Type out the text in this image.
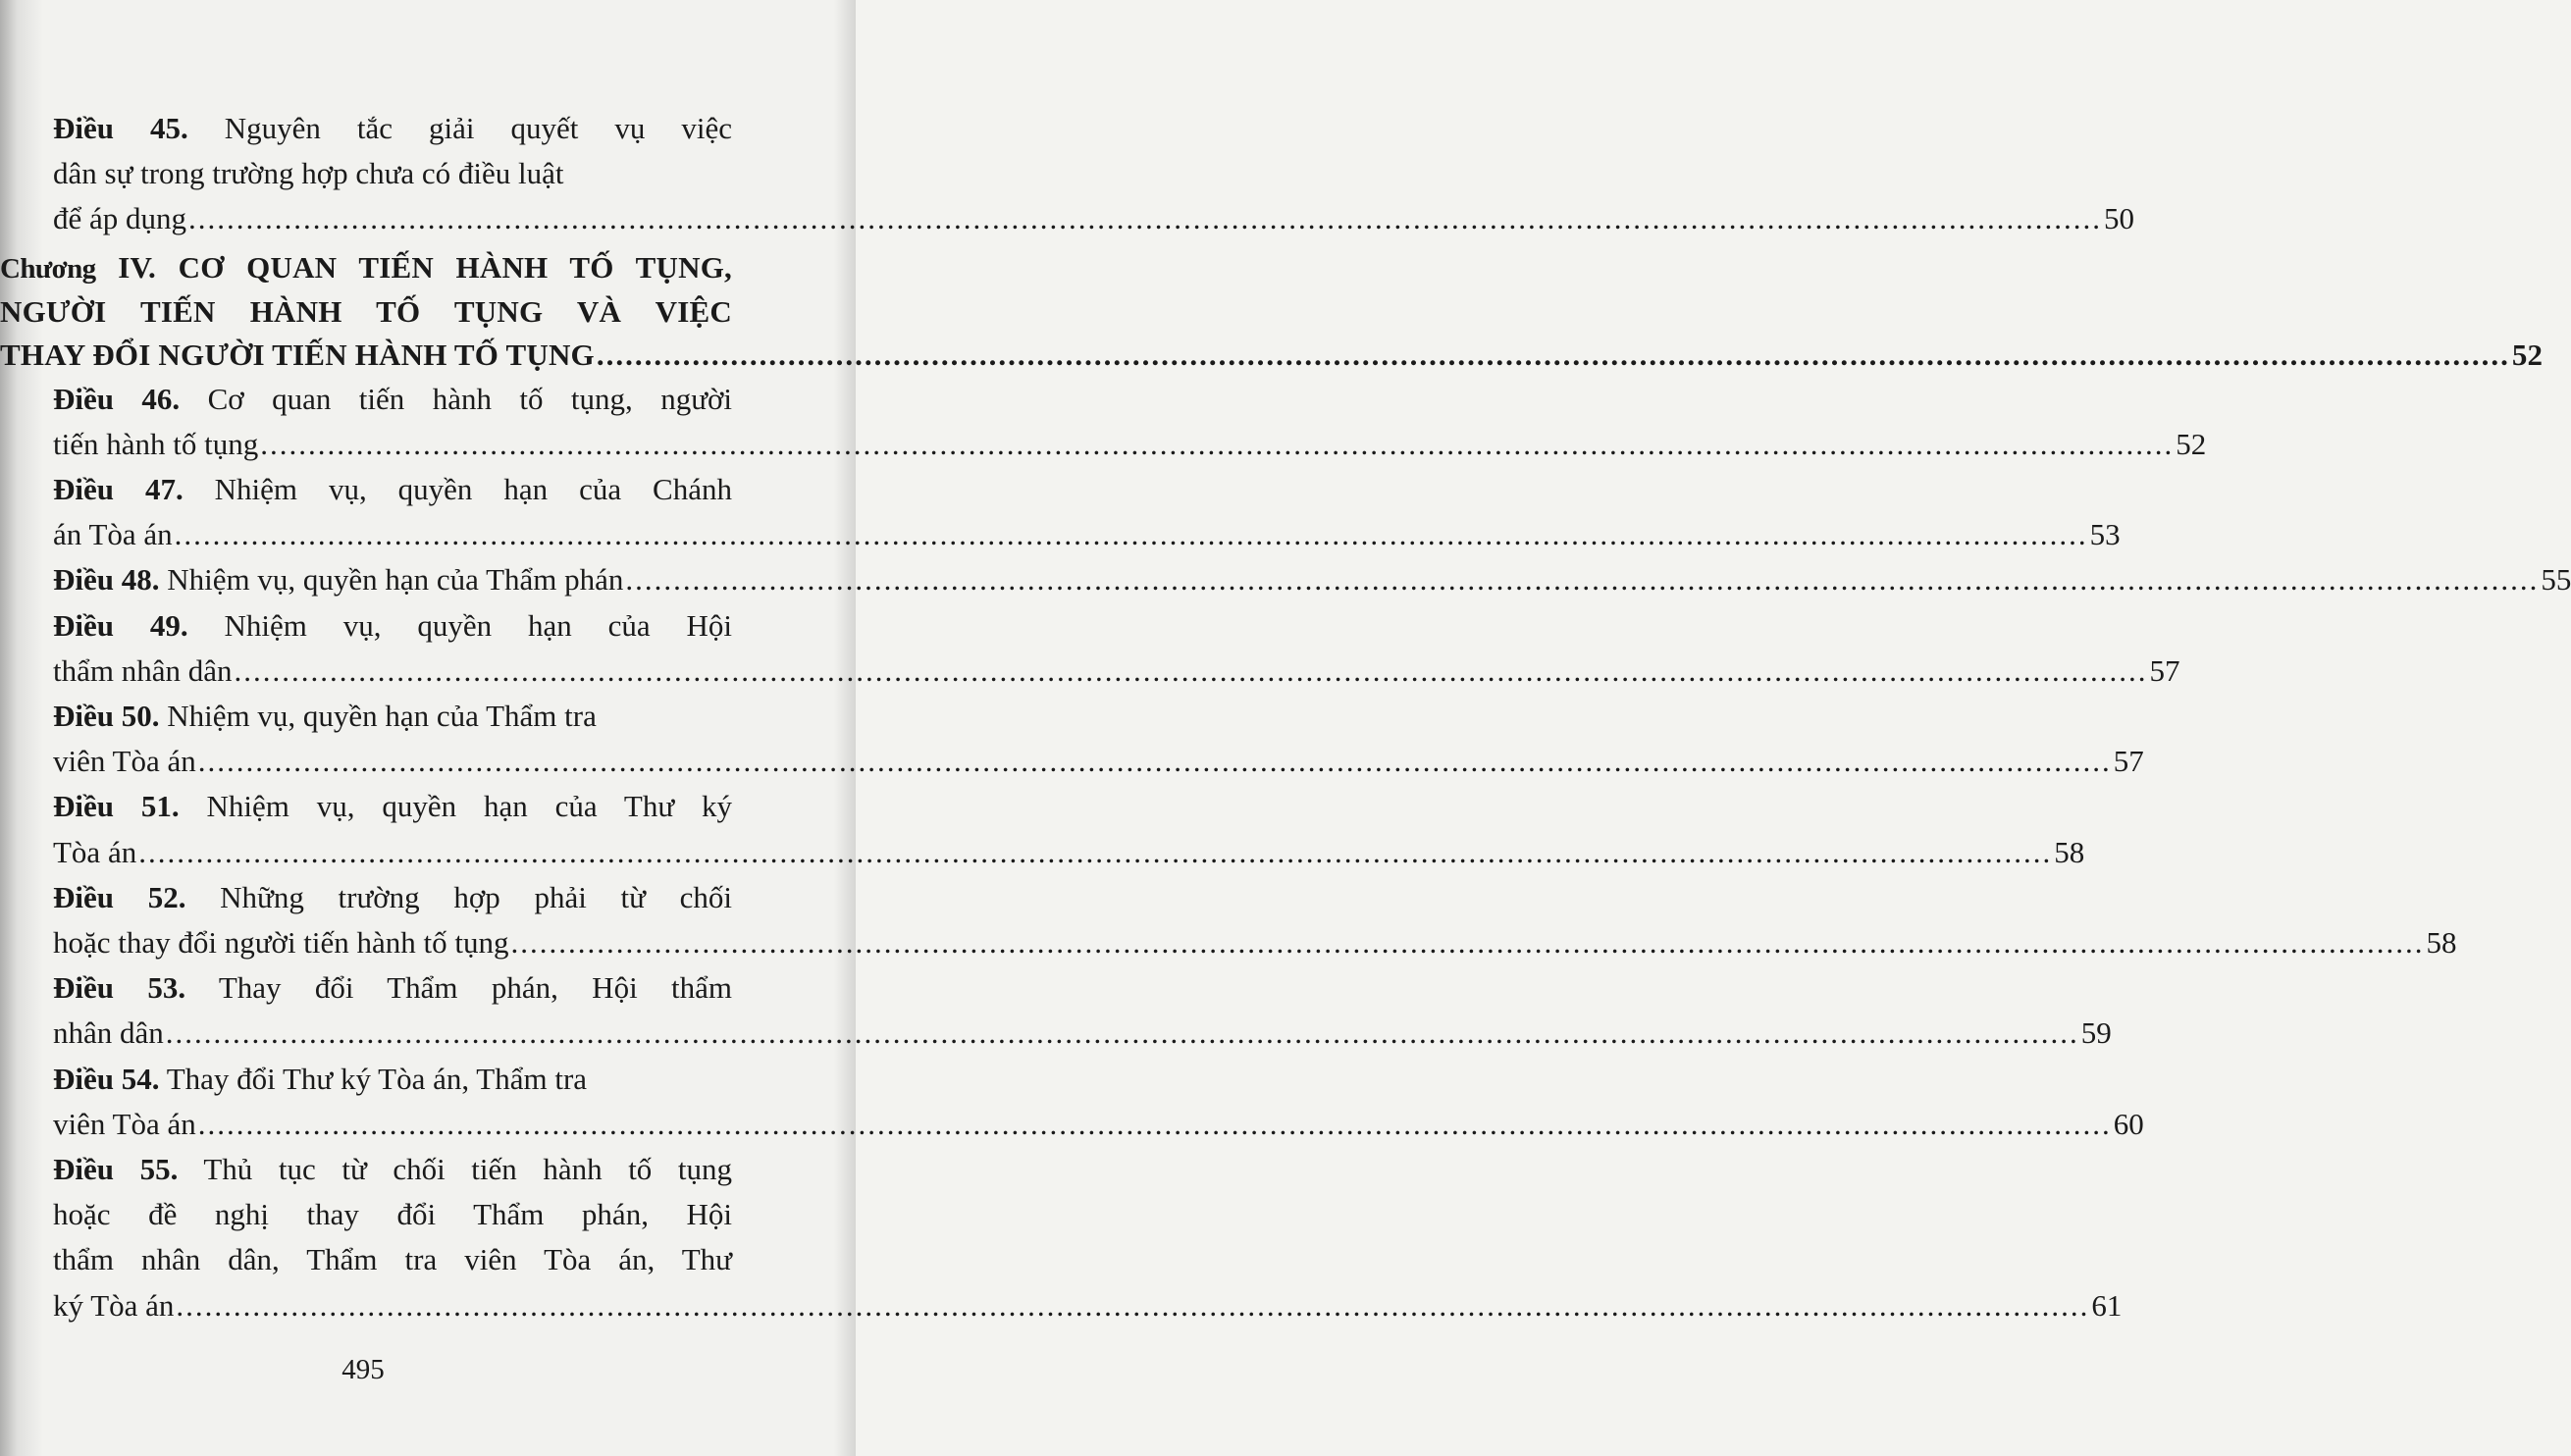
Điều 45. Nguyên tắc giải quyết vụ việc
dân sự trong trường hợp chưa có điều luật
để áp dụng .....	50
Chương IV. CƠ QUAN TIẾN HÀNH TỐ TỤNG,
NGƯỜI TIẾN HÀNH TỐ TỤNG VÀ VIỆC
THAY ĐỔI NGƯỜI TIẾN HÀNH TỐ TỤNG .....	52
Điều 46. Cơ quan tiến hành tố tụng, người
tiến hành tố tụng .....	52
Điều 47. Nhiệm vụ, quyền hạn của Chánh
án Tòa án .....	53
Điều 48. Nhiệm vụ, quyền hạn của Thẩm phán .....	55
Điều 49. Nhiệm vụ, quyền hạn của Hội
thẩm nhân dân .....	57
Điều 50. Nhiệm vụ, quyền hạn của Thẩm tra
viên Tòa án .....	57
Điều 51. Nhiệm vụ, quyền hạn của Thư ký
Tòa án .....	58
Điều 52. Những trường hợp phải từ chối
hoặc thay đổi người tiến hành tố tụng .....	58
Điều 53. Thay đổi Thẩm phán, Hội thẩm
nhân dân .....	59
Điều 54. Thay đổi Thư ký Tòa án, Thẩm tra
viên Tòa án .....	60
Điều 55. Thủ tục từ chối tiến hành tố tụng
hoặc đề nghị thay đổi Thẩm phán, Hội
thẩm nhân dân, Thẩm tra viên Tòa án, Thư
ký Tòa án .....	61
495
